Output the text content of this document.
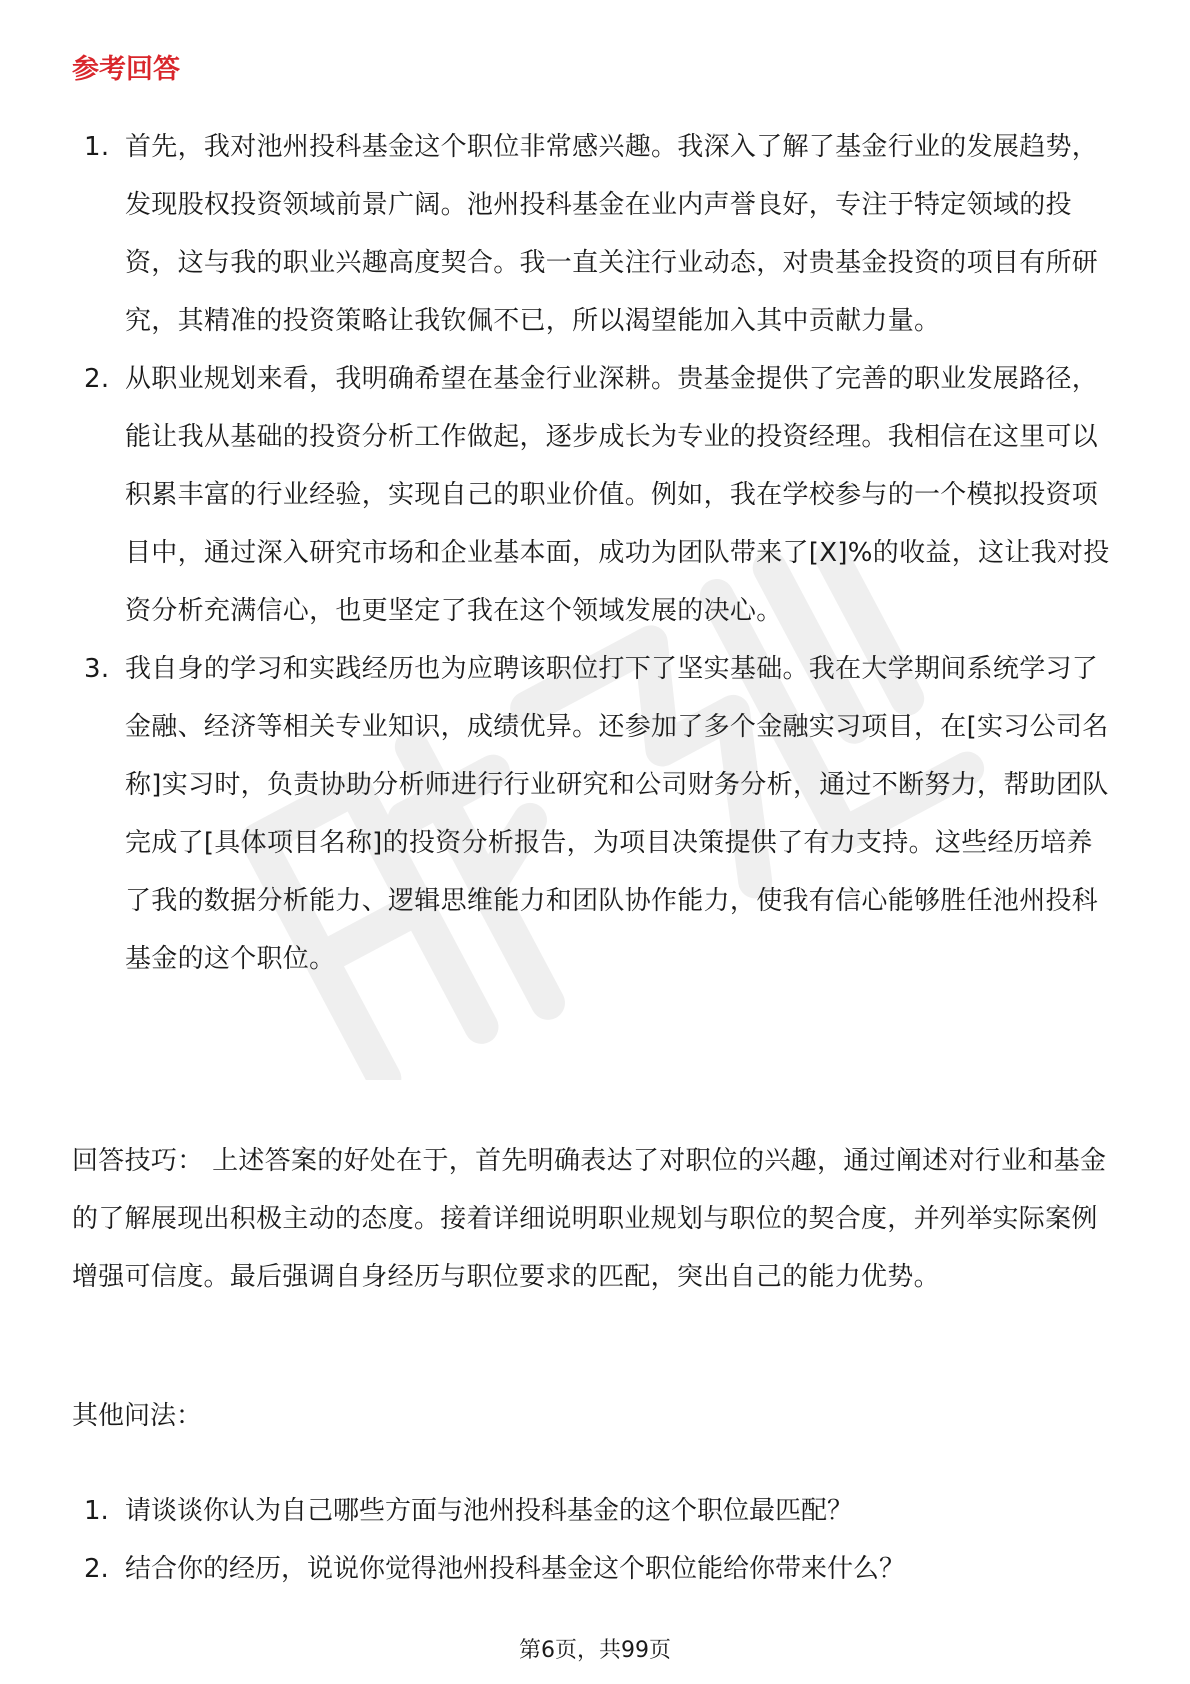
参考回答
1. 首先，我对池州投科基金这个职位非常感兴趣。我深入了解了基金行业的发展趋势，发现股权投资领域前景广阔。池州投科基金在业内声誉良好，专注于特定领域的投资，这与我的职业兴趣高度契合。我一直关注行业动态，对贵基金投资的项目有所研究，其精准的投资策略让我钦佩不已，所以渴望能加入其中贡献力量。
2. 从职业规划来看，我明确希望在基金行业深耕。贵基金提供了完善的职业发展路径，能让我从基础的投资分析工作做起，逐步成长为专业的投资经理。我相信在这里可以积累丰富的行业经验，实现自己的职业价值。例如，我在学校参与的一个模拟投资项目中，通过深入研究市场和企业基本面，成功为团队带来了[X]%的收益，这让我对投资分析充满信心，也更坚定了我在这个领域发展的决心。
3. 我自身的学习和实践经历也为应聘该职位打下了坚实基础。我在大学期间系统学习了金融、经济等相关专业知识，成绩优异。还参加了多个金融实习项目，在[实习公司名称]实习时，负责协助分析师进行行业研究和公司财务分析，通过不断努力，帮助团队完成了[具体项目名称]的投资分析报告，为项目决策提供了有力支持。这些经历培养了我的数据分析能力、逻辑思维能力和团队协作能力，使我有信心能够胜任池州投科基金的这个职位。

回答技巧： 上述答案的好处在于，首先明确表达了对职位的兴趣，通过阐述对行业和基金的了解展现出积极主动的态度。接着详细说明职业规划与职位的契合度，并列举实际案例增强可信度。最后强调自身经历与职位要求的匹配，突出自己的能力优势。

其他问法：

1. 请谈谈你认为自己哪些方面与池州投科基金的这个职位最匹配？
2. 结合你的经历，说说你觉得池州投科基金这个职位能给你带来什么？
第6页，共99页
